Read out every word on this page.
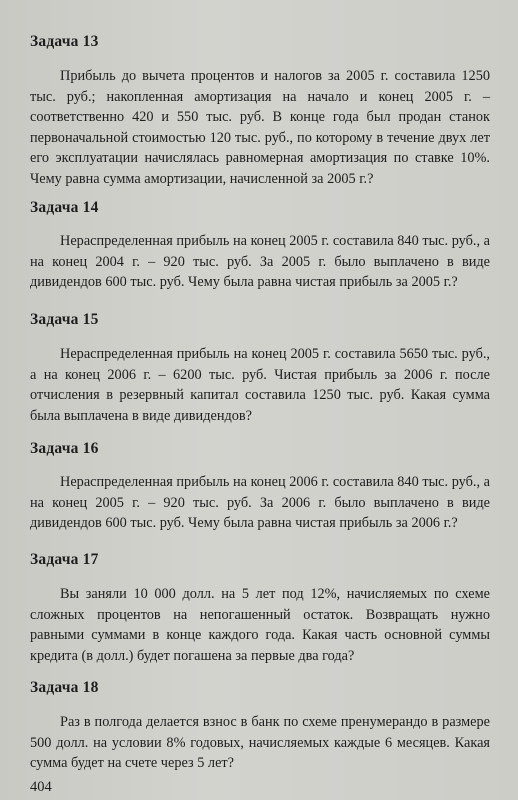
Задача 13
Прибыль до вычета процентов и налогов за 2005 г. составила 1250 тыс. руб.; накопленная амортизация на начало и конец 2005 г. – соответственно 420 и 550 тыс. руб. В конце года был продан станок первоначальной стоимостью 120 тыс. руб., по которому в течение двух лет его эксплуатации начислялась равномерная амортизация по ставке 10%. Чему равна сумма амортизации, начисленной за 2005 г.?
Задача 14
Нераспределенная прибыль на конец 2005 г. составила 840 тыс. руб., а на конец 2004 г. – 920 тыс. руб. За 2005 г. было выплачено в виде дивидендов 600 тыс. руб. Чему была равна чистая прибыль за 2005 г.?
Задача 15
Нераспределенная прибыль на конец 2005 г. составила 5650 тыс. руб., а на конец 2006 г. – 6200 тыс. руб. Чистая прибыль за 2006 г. после отчисления в резервный капитал составила 1250 тыс. руб. Какая сумма была выплачена в виде дивидендов?
Задача 16
Нераспределенная прибыль на конец 2006 г. составила 840 тыс. руб., а на конец 2005 г. – 920 тыс. руб. За 2006 г. было выплачено в виде дивидендов 600 тыс. руб. Чему была равна чистая прибыль за 2006 г.?
Задача 17
Вы заняли 10 000 долл. на 5 лет под 12%, начисляемых по схеме сложных процентов на непогашенный остаток. Возвращать нужно равными суммами в конце каждого года. Какая часть основной суммы кредита (в долл.) будет погашена за первые два года?
Задача 18
Раз в полгода делается взнос в банк по схеме пренумерандо в размере 500 долл. на условии 8% годовых, начисляемых каждые 6 месяцев. Какая сумма будет на счете через 5 лет?
404
